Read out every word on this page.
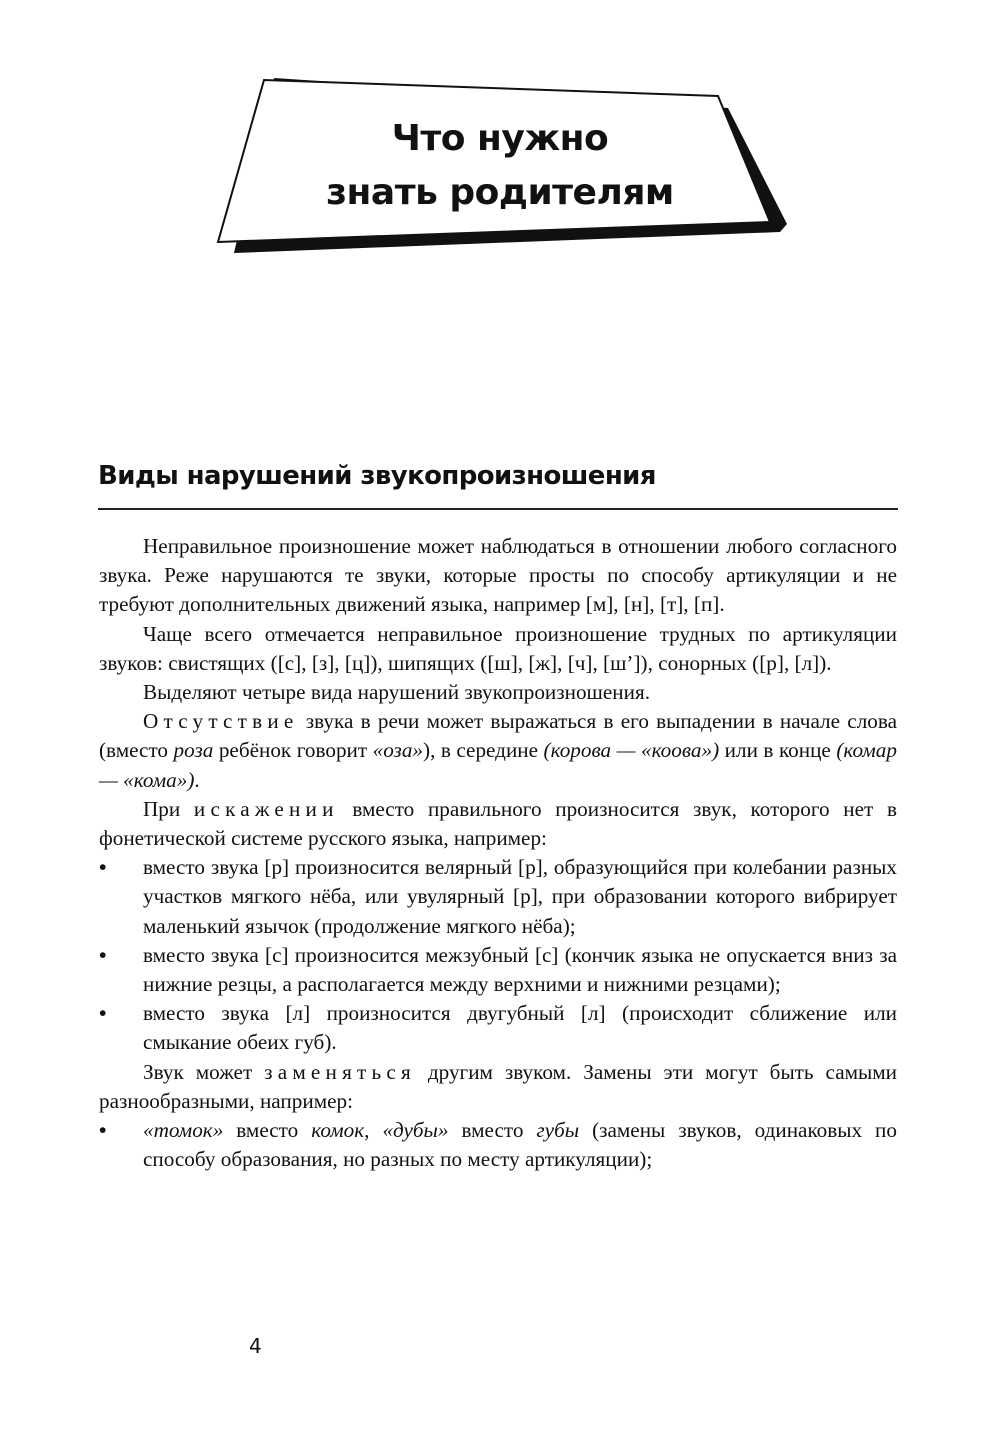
Что нужно
знать родителям
Виды нарушений звукопроизношения

Неправильное произношение может наблюдаться в отношении любого согласного звука. Реже нарушаются те звуки, которые просты по способу артикуляции и не требуют дополнительных движений языка, например [м], [н], [т], [п].

Чаще всего отмечается неправильное произношение трудных по артикуляции звуков: свистящих ([с], [з], [ц]), шипящих ([ш], [ж], [ч], [ш’]), сонорных ([р], [л]).

Выделяют четыре вида нарушений звукопроизношения.

Отсутствие звука в речи может выражаться в его выпадении в начале слова (вместо роза ребёнок говорит «оза»), в середине (корова — «коова») или в конце (комар — «кома»).

При искажении вместо правильного произносится звук, которого нет в фонетической системе русского языка, например:

•	вместо звука [р] произносится велярный [р], образующийся при колебании разных участков мягкого нёба, или увулярный [р], при образовании которого вибрирует маленький язычок (продолжение мягкого нёба);
•	вместо звука [с] произносится межзубный [с] (кончик языка не опускается вниз за нижние резцы, а располагается между верхними и нижними резцами);
•	вместо звука [л] произносится двугубный [л] (происходит сближение или смыкание обеих губ).

Звук может заменяться другим звуком. Замены эти могут быть самыми разнообразными, например:

•	«томок» вместо комок, «дубы» вместо губы (замены звуков, одинаковых по способу образования, но разных по месту артикуляции);
4
